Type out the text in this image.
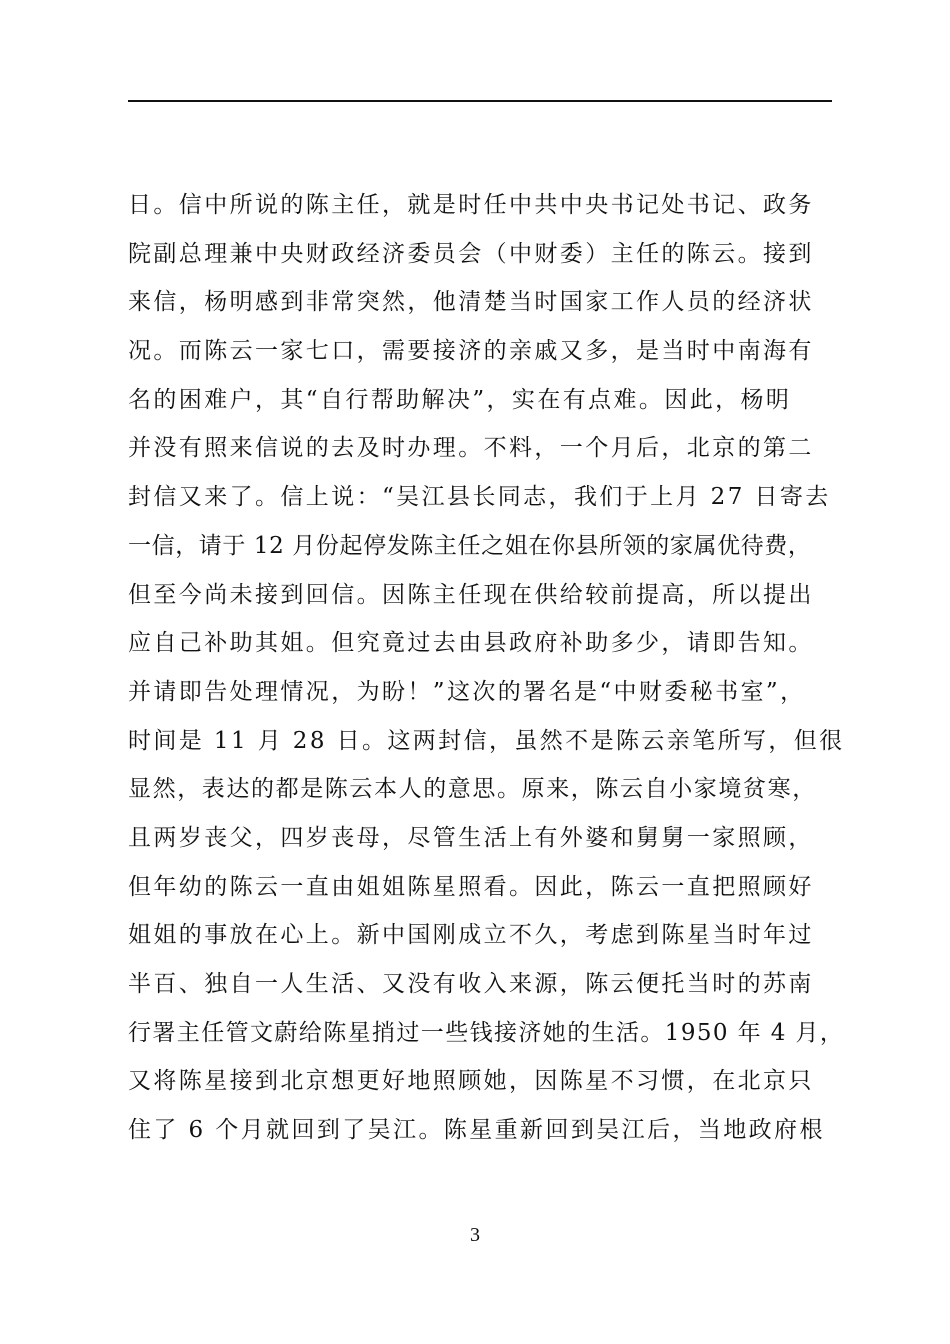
日。信中所说的陈主任，就是时任中共中央书记处书记、政务
院副总理兼中央财政经济委员会（中财委）主任的陈云。接到
来信，杨明感到非常突然，他清楚当时国家工作人员的经济状
况。而陈云一家七口，需要接济的亲戚又多，是当时中南海有
名的困难户，其“自行帮助解决”，实在有点难。因此，杨明
并没有照来信说的去及时办理。不料，一个月后，北京的第二
封信又来了。信上说：“吴江县长同志，我们于上月 27 日寄去
一信，请于 12 月份起停发陈主任之姐在你县所领的家属优待费，
但至今尚未接到回信。因陈主任现在供给较前提高，所以提出
应自己补助其姐。但究竟过去由县政府补助多少，请即告知。
并请即告处理情况，为盼！”这次的署名是“中财委秘书室”，
时间是 11 月 28 日。这两封信，虽然不是陈云亲笔所写，但很
显然，表达的都是陈云本人的意思。原来，陈云自小家境贫寒，
且两岁丧父，四岁丧母，尽管生活上有外婆和舅舅一家照顾，
但年幼的陈云一直由姐姐陈星照看。因此，陈云一直把照顾好
姐姐的事放在心上。新中国刚成立不久，考虑到陈星当时年过
半百、独自一人生活、又没有收入来源，陈云便托当时的苏南
行署主任管文蔚给陈星捎过一些钱接济她的生活。1950 年 4 月，
又将陈星接到北京想更好地照顾她，因陈星不习惯，在北京只
住了 6 个月就回到了吴江。陈星重新回到吴江后，当地政府根
3
